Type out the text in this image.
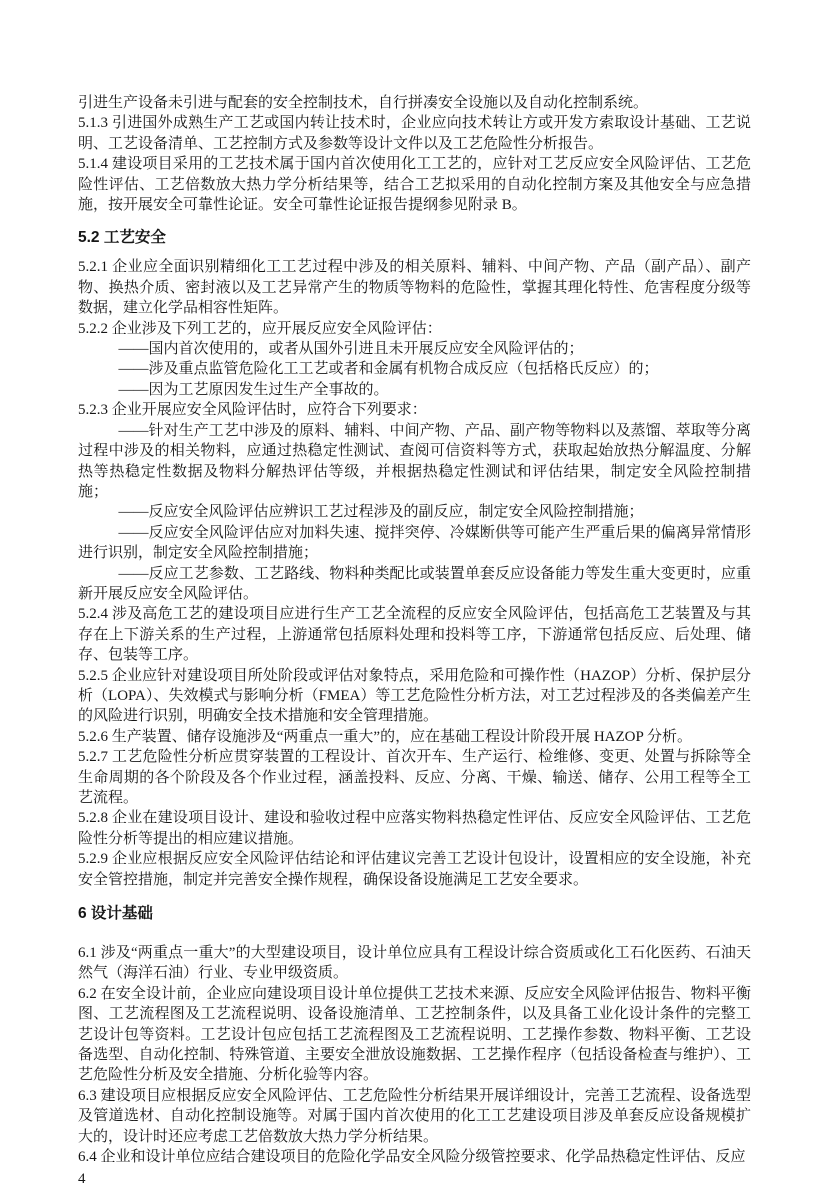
引进生产设备未引进与配套的安全控制技术，自行拼凑安全设施以及自动化控制系统。

5.1.3 引进国外成熟生产工艺或国内转让技术时，企业应向技术转让方或开发方索取设计基础、工艺说明、工艺设备清单、工艺控制方式及参数等设计文件以及工艺危险性分析报告。

5.1.4 建设项目采用的工艺技术属于国内首次使用化工工艺的，应针对工艺反应安全风险评估、工艺危险性评估、工艺倍数放大热力学分析结果等，结合工艺拟采用的自动化控制方案及其他安全与应急措施，按开展安全可靠性论证。安全可靠性论证报告提纲参见附录 B。

5.2 工艺安全

5.2.1 企业应全面识别精细化工工艺过程中涉及的相关原料、辅料、中间产物、产品（副产品）、副产物、换热介质、密封液以及工艺异常产生的物质等物料的危险性，掌握其理化特性、危害程度分级等数据，建立化学品相容性矩阵。

5.2.2 企业涉及下列工艺的，应开展反应安全风险评估：

——国内首次使用的，或者从国外引进且未开展反应安全风险评估的；

——涉及重点监管危险化工工艺或者和金属有机物合成反应（包括格氏反应）的；

——因为工艺原因发生过生产全事故的。

5.2.3 企业开展应安全风险评估时，应符合下列要求：

——针对生产工艺中涉及的原料、辅料、中间产物、产品、副产物等物料以及蒸馏、萃取等分离过程中涉及的相关物料，应通过热稳定性测试、查阅可信资料等方式，获取起始放热分解温度、分解热等热稳定性数据及物料分解热评估等级，并根据热稳定性测试和评估结果，制定安全风险控制措施；

——反应安全风险评估应辨识工艺过程涉及的副反应，制定安全风险控制措施；

——反应安全风险评估应对加料失速、搅拌突停、冷媒断供等可能产生严重后果的偏离异常情形进行识别，制定安全风险控制措施；

——反应工艺参数、工艺路线、物料种类配比或装置单套反应设备能力等发生重大变更时，应重新开展反应安全风险评估。

5.2.4 涉及高危工艺的建设项目应进行生产工艺全流程的反应安全风险评估，包括高危工艺装置及与其存在上下游关系的生产过程，上游通常包括原料处理和投料等工序，下游通常包括反应、后处理、储存、包装等工序。

5.2.5 企业应针对建设项目所处阶段或评估对象特点，采用危险和可操作性（HAZOP）分析、保护层分析（LOPA）、失效模式与影响分析（FMEA）等工艺危险性分析方法，对工艺过程涉及的各类偏差产生的风险进行识别，明确安全技术措施和安全管理措施。

5.2.6 生产装置、储存设施涉及“两重点一重大”的，应在基础工程设计阶段开展 HAZOP 分析。

5.2.7 工艺危险性分析应贯穿装置的工程设计、首次开车、生产运行、检维修、变更、处置与拆除等全生命周期的各个阶段及各个作业过程，涵盖投料、反应、分离、干燥、输送、储存、公用工程等全工艺流程。

5.2.8 企业在建设项目设计、建设和验收过程中应落实物料热稳定性评估、反应安全风险评估、工艺危险性分析等提出的相应建议措施。

5.2.9 企业应根据反应安全风险评估结论和评估建议完善工艺设计包设计，设置相应的安全设施，补充安全管控措施，制定并完善安全操作规程，确保设备设施满足工艺安全要求。

6 设计基础

6.1 涉及“两重点一重大”的大型建设项目，设计单位应具有工程设计综合资质或化工石化医药、石油天然气（海洋石油）行业、专业甲级资质。

6.2 在安全设计前，企业应向建设项目设计单位提供工艺技术来源、反应安全风险评估报告、物料平衡图、工艺流程图及工艺流程说明、设备设施清单、工艺控制条件，以及具备工业化设计条件的完整工艺设计包等资料。工艺设计包应包括工艺流程图及工艺流程说明、工艺操作参数、物料平衡、工艺设备选型、自动化控制、特殊管道、主要安全泄放设施数据、工艺操作程序（包括设备检查与维护）、工艺危险性分析及安全措施、分析化验等内容。

6.3 建设项目应根据反应安全风险评估、工艺危险性分析结果开展详细设计，完善工艺流程、设备选型及管道选材、自动化控制设施等。对属于国内首次使用的化工工艺建设项目涉及单套反应设备规模扩大的，设计时还应考虑工艺倍数放大热力学分析结果。

6.4 企业和设计单位应结合建设项目的危险化学品安全风险分级管控要求、化学品热稳定性评估、反应

4
